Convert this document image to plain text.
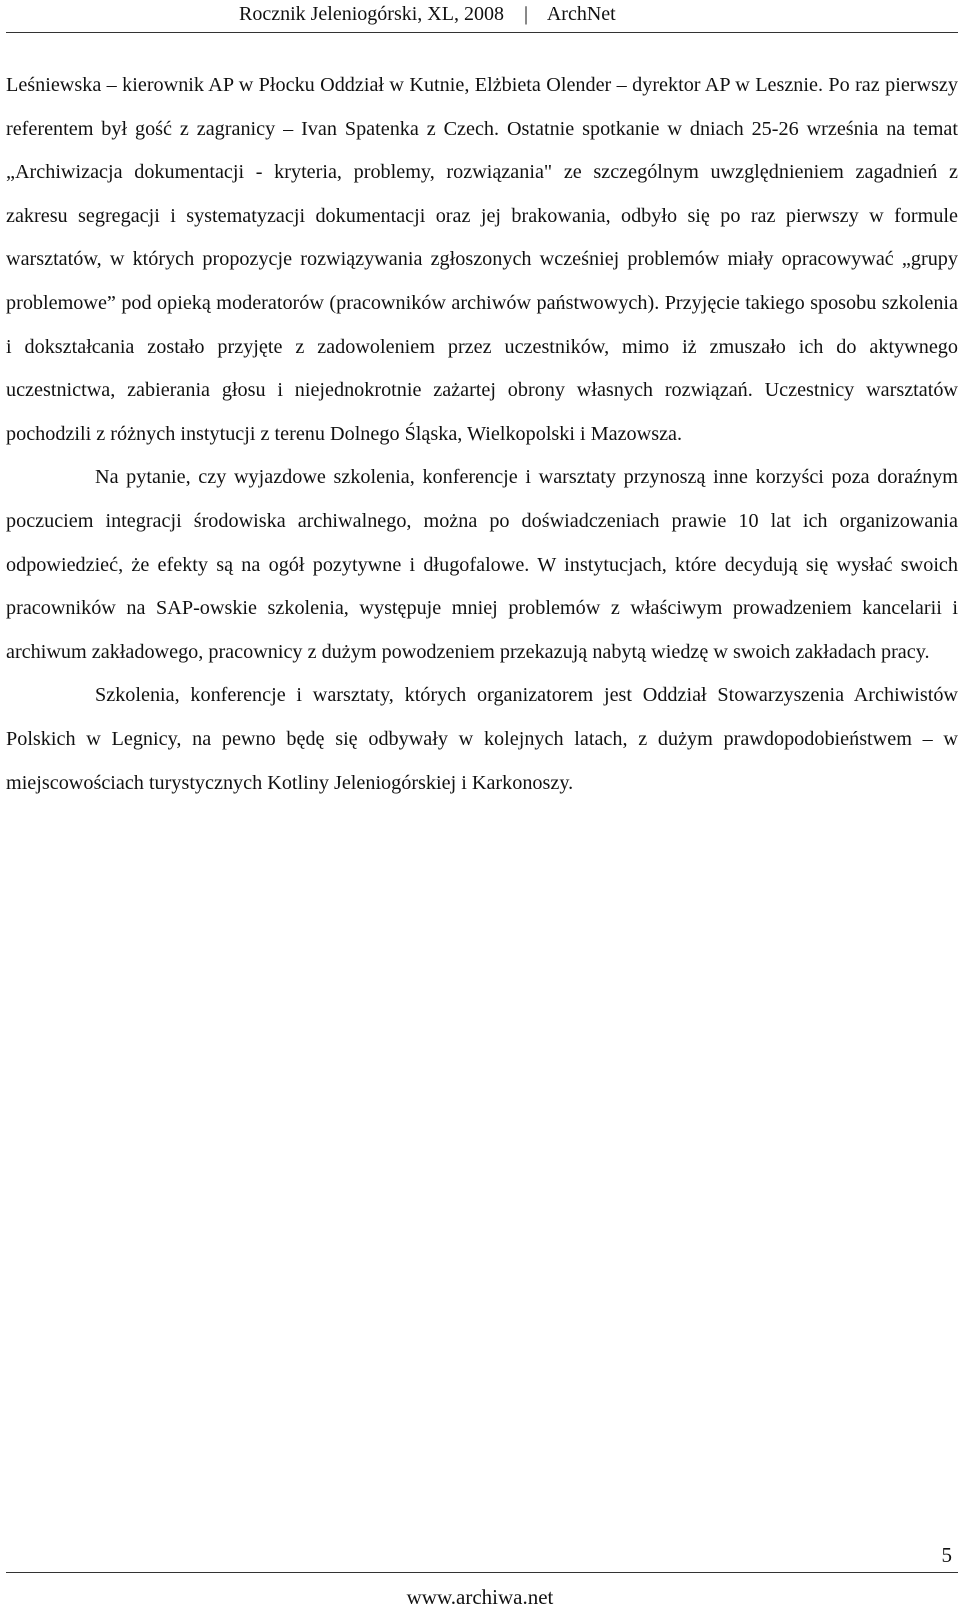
Rocznik Jeleniogórski, XL, 2008    |    ArchNet

Leśniewska – kierownik AP w Płocku Oddział w Kutnie, Elżbieta Olender – dyrektor AP w Lesznie. Po raz pierwszy referentem był gość z zagranicy – Ivan Spatenka z Czech. Ostatnie spotkanie w dniach 25-26 września na temat „Archiwizacja dokumentacji - kryteria, problemy, rozwiązania" ze szczególnym uwzględnieniem zagadnień z zakresu segregacji i systematyzacji dokumentacji oraz jej brakowania, odbyło się po raz pierwszy w formule warsztatów, w których propozycje rozwiązywania zgłoszonych wcześniej problemów miały opracowywać „grupy problemowe” pod opieką moderatorów (pracowników archiwów państwowych). Przyjęcie takiego sposobu szkolenia i dokształcania zostało przyjęte z zadowoleniem przez uczestników, mimo iż zmuszało ich do aktywnego uczestnictwa, zabierania głosu i niejednokrotnie zażartej obrony własnych rozwiązań. Uczestnicy warsztatów pochodzili z różnych instytucji z terenu Dolnego Śląska, Wielkopolski i Mazowsza.

Na pytanie, czy wyjazdowe szkolenia, konferencje i warsztaty przynoszą inne korzyści poza doraźnym poczuciem integracji środowiska archiwalnego, można po doświadczeniach prawie 10 lat ich organizowania odpowiedzieć, że efekty są na ogół pozytywne i długofalowe. W instytucjach, które decydują się wysłać swoich pracowników na SAP-owskie szkolenia, występuje mniej problemów z właściwym prowadzeniem kancelarii i archiwum zakładowego, pracownicy z dużym powodzeniem przekazują nabytą wiedzę w swoich zakładach pracy.

Szkolenia, konferencje i warsztaty, których organizatorem jest Oddział Stowarzyszenia Archiwistów Polskich w Legnicy, na pewno będę się odbywały w kolejnych latach, z dużym prawdopodobieństwem – w miejscowościach turystycznych Kotliny Jeleniogórskiej i Karkonoszy.

5
www.archiwa.net
